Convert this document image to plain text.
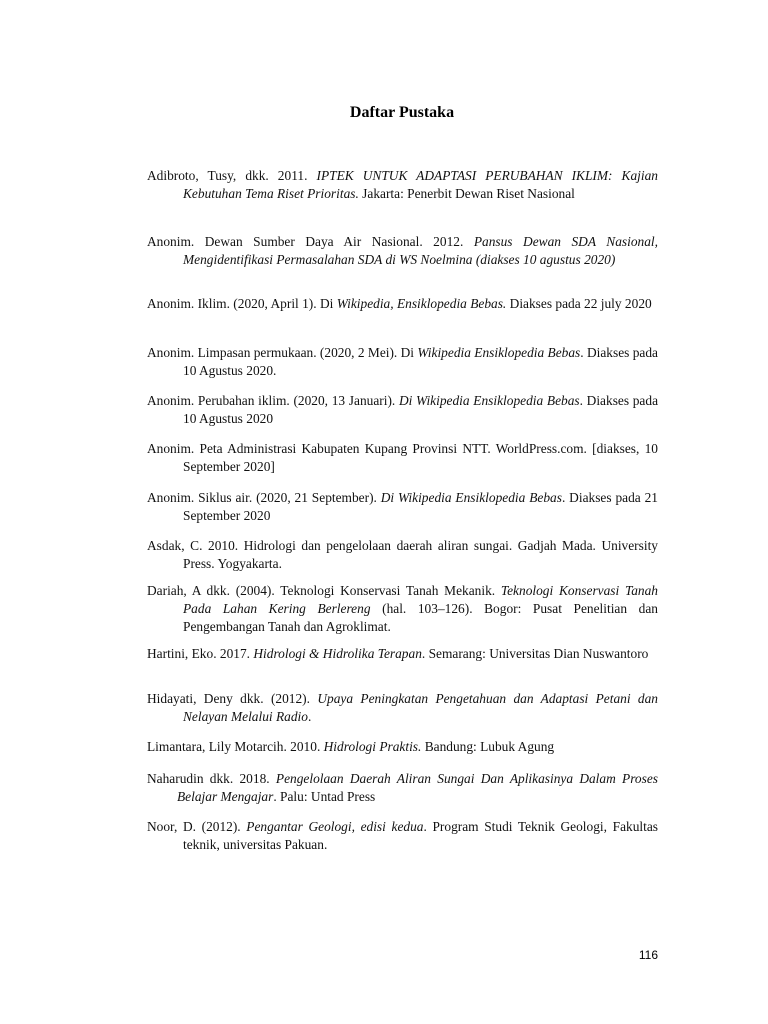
Daftar Pustaka
Adibroto, Tusy, dkk. 2011. IPTEK UNTUK ADAPTASI PERUBAHAN IKLIM: Kajian Kebutuhan Tema Riset Prioritas. Jakarta: Penerbit Dewan Riset Nasional
Anonim. Dewan Sumber Daya Air Nasional. 2012. Pansus Dewan SDA Nasional, Mengidentifikasi Permasalahan SDA di WS Noelmina (diakses 10 agustus 2020)
Anonim. Iklim. (2020, April 1). Di Wikipedia, Ensiklopedia Bebas. Diakses pada 22 july 2020
Anonim. Limpasan permukaan. (2020, 2 Mei). Di Wikipedia Ensiklopedia Bebas. Diakses pada 10 Agustus 2020.
Anonim. Perubahan iklim. (2020, 13 Januari). Di Wikipedia Ensiklopedia Bebas. Diakses pada 10 Agustus 2020
Anonim. Peta Administrasi Kabupaten Kupang Provinsi NTT. WorldPress.com. [diakses, 10 September 2020]
Anonim. Siklus air. (2020, 21 September). Di Wikipedia Ensiklopedia Bebas. Diakses pada 21 September 2020
Asdak, C. 2010. Hidrologi dan pengelolaan daerah aliran sungai. Gadjah Mada. University Press. Yogyakarta.
Dariah, A dkk. (2004). Teknologi Konservasi Tanah Mekanik. Teknologi Konservasi Tanah Pada Lahan Kering Berlereng (hal. 103–126). Bogor: Pusat Penelitian dan Pengembangan Tanah dan Agroklimat.
Hartini, Eko. 2017. Hidrologi & Hidrolika Terapan. Semarang: Universitas Dian Nuswantoro
Hidayati, Deny dkk. (2012). Upaya Peningkatan Pengetahuan dan Adaptasi Petani dan Nelayan Melalui Radio.
Limantara, Lily Motarcih. 2010. Hidrologi Praktis. Bandung: Lubuk Agung
Naharudin dkk. 2018. Pengelolaan Daerah Aliran Sungai Dan Aplikasinya Dalam Proses Belajar Mengajar. Palu: Untad Press
Noor, D. (2012). Pengantar Geologi, edisi kedua. Program Studi Teknik Geologi, Fakultas teknik, universitas Pakuan.
116
